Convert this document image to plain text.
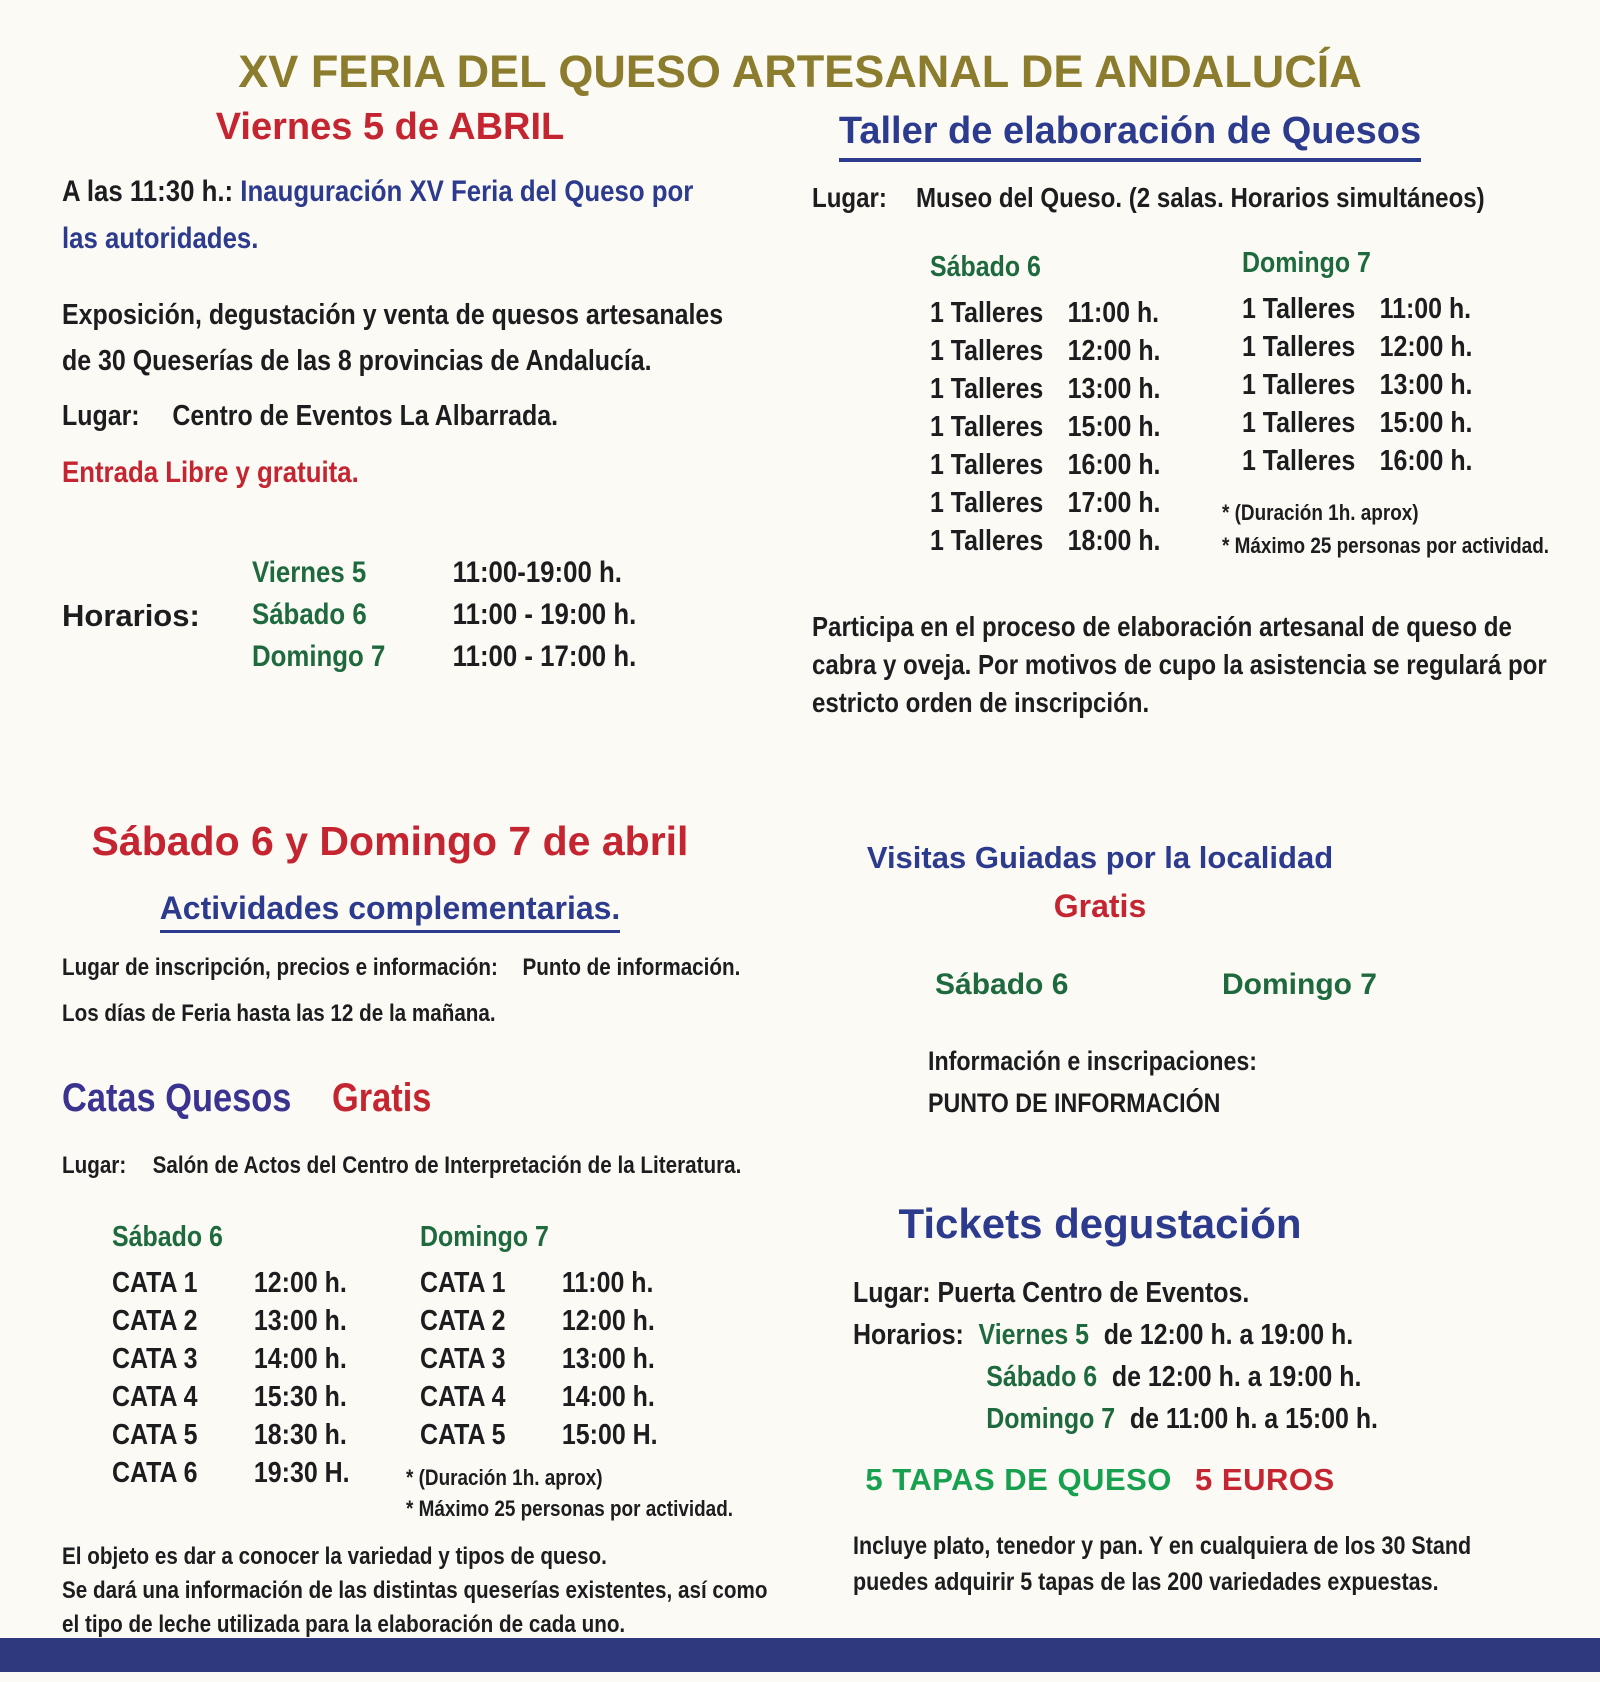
XV FERIA DEL QUESO ARTESANAL DE ANDALUCÍA
Viernes 5 de ABRIL
A las 11:30 h.: Inauguración XV Feria del Queso por
las autoridades.
Exposición, degustación y venta de quesos artesanales
de 30 Queserías de las 8 provincias de Andalucía.
Lugar: Centro de Eventos La Albarrada.
Entrada Libre y gratuita.
Horarios:
Viernes 5	11:00-19:00 h.
Sábado 6	11:00 - 19:00 h.
Domingo 7 11:00 - 17:00 h.
Sábado 6 y Domingo 7 de abril
Actividades complementarias.
Lugar de inscripción, precios e información: Punto de información.
Los días de Feria hasta las 12 de la mañana.
Catas Quesos Gratis
Lugar: Salón de Actos del Centro de Interpretación de la Literatura.
Sábado 6
CATA 1 12:00 h.
CATA 2 13:00 h.
CATA 3 14:00 h.
CATA 4 15:30 h.
CATA 5 18:30 h.
CATA 6 19:30 H.
Domingo 7
CATA 1 11:00 h.
CATA 2 12:00 h.
CATA 3 13:00 h.
CATA 4 14:00 h.
CATA 5 15:00 H.
* (Duración 1h. aprox)
* Máximo 25 personas por actividad.
El objeto es dar a conocer la variedad y tipos de queso.
Se dará una información de las distintas queserías existentes, así como
el tipo de leche utilizada para la elaboración de cada uno.
Taller de elaboración de Quesos
Lugar: Museo del Queso. (2 salas. Horarios simultáneos)
Sábado 6
1 Talleres 11:00 h.
1 Talleres 12:00 h.
1 Talleres 13:00 h.
1 Talleres 15:00 h.
1 Talleres 16:00 h.
1 Talleres 17:00 h.
1 Talleres 18:00 h.
Domingo 7
1 Talleres 11:00 h.
1 Talleres 12:00 h.
1 Talleres 13:00 h.
1 Talleres 15:00 h.
1 Talleres 16:00 h.
* (Duración 1h. aprox)
* Máximo 25 personas por actividad.
Participa en el proceso de elaboración artesanal de queso de
cabra y oveja. Por motivos de cupo la asistencia se regulará por
estricto orden de inscripción.
Visitas Guiadas por la localidad
Gratis
Sábado 6	Domingo 7
Información e inscripaciones:
PUNTO DE INFORMACIÓN
Tickets degustación
Lugar: Puerta Centro de Eventos.
Horarios: Viernes 5 de 12:00 h. a 19:00 h.
Sábado 6 de 12:00 h. a 19:00 h.
Domingo 7 de 11:00 h. a 15:00 h.
5 TAPAS DE QUESO 5 EUROS
Incluye plato, tenedor y pan. Y en cualquiera de los 30 Stand
puedes adquirir 5 tapas de las 200 variedades expuestas.
